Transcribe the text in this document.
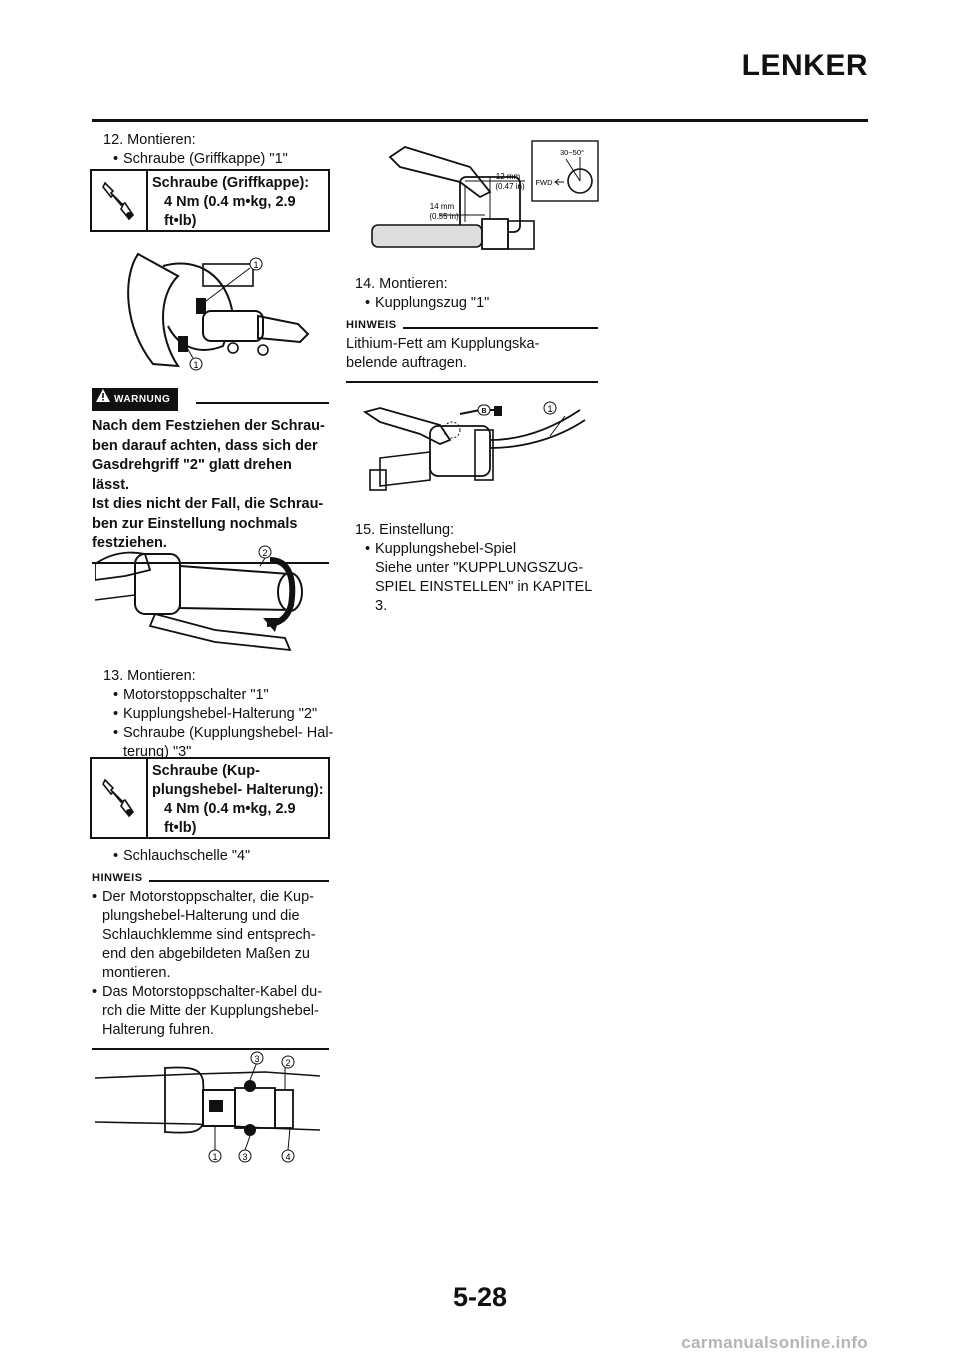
LENKER
12. Montieren:
• Schraube (Griffkappe) "1"
Schraube (Griffkappe):
4 Nm (0.4 m•kg, 2.9
ft•lb)
1
1
WARNUNG
Nach dem Festziehen der Schrau-
ben darauf achten, dass sich der
Gasdrehgriff "2" glatt drehen lässt.
Ist dies nicht der Fall, die Schrau-
ben zur Einstellung nochmals
festziehen.
2
13. Montieren:
• Motorstoppschalter "1"
• Kupplungshebel-Halterung "2"
• Schraube (Kupplungshebel- Hal-
terung) "3"
Schraube (Kup-
plungshebel- Halterung):
4 Nm (0.4 m•kg, 2.9
ft•lb)
• Schlauchschelle "4"
HINWEIS
• Der Motorstoppschalter, die Kup-
plungshebel-Halterung und die
Schlauchklemme sind entsprech-
end den abgebildeten Maßen zu
montieren.
• Das Motorstoppschalter-Kabel du-
rch die Mitte der Kupplungshebel-
Halterung fuhren.
3	2
1	3	4
12 mm
(0.47 in)
14 mm
(0.55 in)
30~50°
FWD
14. Montieren:
• Kupplungszug "1"
HINWEIS
Lithium-Fett am Kupplungska-
belende auftragen.
B	1
15. Einstellung:
• Kupplungshebel-Spiel
Siehe unter "KUPPLUNGSZUG-
SPIEL EINSTELLEN" in KAPITEL
3.
5-28
carmanualsonline.info
